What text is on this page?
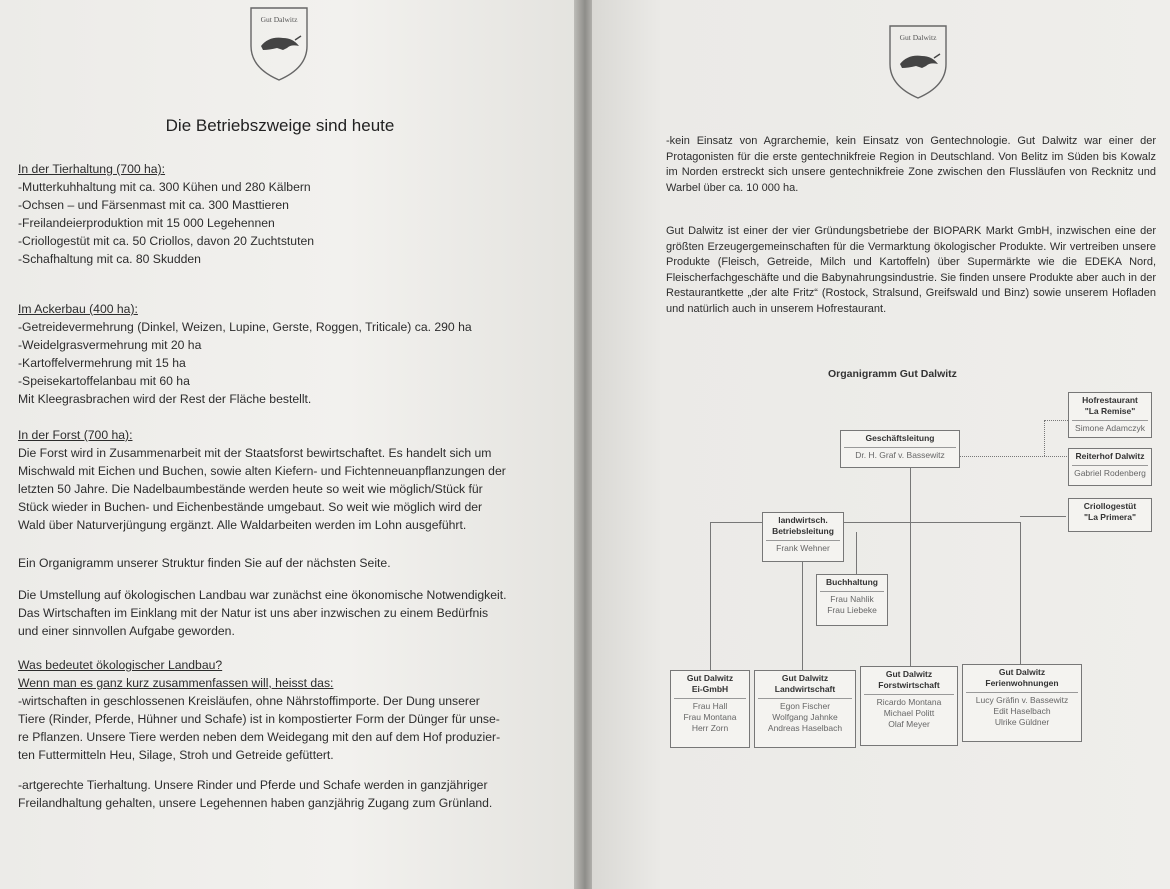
Gut Dalwitz
Die Betriebszweige sind heute

In der Tierhaltung (700 ha):

-Mutterkuhhaltung mit ca. 300 Kühen und 280 Kälbern

-Ochsen – und Färsenmast mit ca. 300 Masttieren

-Freilandeierproduktion mit 15 000 Legehennen

-Criollogestüt mit ca. 50 Criollos, davon 20 Zuchtstuten

-Schafhaltung mit ca. 80 Skudden

Im Ackerbau (400 ha):

-Getreidevermehrung (Dinkel, Weizen, Lupine, Gerste, Roggen, Triticale) ca. 290 ha

-Weidelgrasvermehrung mit 20 ha

-Kartoffelvermehrung mit 15 ha

-Speisekartoffelanbau mit 60 ha

Mit Kleegrasbrachen wird der Rest der Fläche bestellt.

In der Forst (700 ha):

Die Forst wird in Zusammenarbeit mit der Staatsforst bewirtschaftet. Es handelt sich um

Mischwald mit Eichen und Buchen, sowie alten Kiefern- und Fichtenneuanpflanzungen der

letzten 50 Jahre. Die Nadelbaumbestände werden heute so weit wie möglich/Stück für

Stück wieder in Buchen- und Eichenbestände umgebaut. So weit wie möglich wird der

Wald über Naturverjüngung ergänzt. Alle Waldarbeiten werden im Lohn ausgeführt.

Ein Organigramm unserer Struktur finden Sie auf der nächsten Seite.

Die Umstellung auf ökologischen Landbau war zunächst eine ökonomische Notwendigkeit.

Das Wirtschaften im Einklang mit der Natur ist uns aber inzwischen zu einem Bedürfnis

und einer sinnvollen Aufgabe geworden.

Was bedeutet ökologischer Landbau?

Wenn man es ganz kurz zusammenfassen will, heisst das:

-wirtschaften in geschlossenen Kreisläufen, ohne Nährstoffimporte. Der Dung unserer

Tiere (Rinder, Pferde, Hühner und Schafe) ist in kompostierter Form der Dünger für unse-

re Pflanzen. Unsere Tiere werden neben dem Weidegang mit den auf dem Hof produzier-

ten Futtermitteln Heu, Silage, Stroh und Getreide gefüttert.

-artgerechte Tierhaltung. Unsere Rinder und Pferde und Schafe werden in ganzjähriger

Freilandhaltung gehalten, unsere Legehennen haben ganzjährig Zugang zum Grünland.

Gut Dalwitz

-kein Einsatz von Agrarchemie, kein Einsatz von Gentechnologie. Gut Dalwitz war einer der Protagonisten für die erste gentechnikfreie Region in Deutschland. Von Belitz im Süden bis Kowalz im Norden erstreckt sich unsere gentechnikfreie Zone zwischen den Flussläufen von Recknitz und Warbel über ca. 10 000 ha.

Gut Dalwitz ist einer der vier Gründungsbetriebe der BIOPARK Markt GmbH, inzwischen eine der größten Erzeugergemeinschaften für die Vermarktung ökologischer Produkte. Wir vertreiben unsere Produkte (Fleisch, Getreide, Milch und Kartoffeln) über Supermärkte wie die EDEKA Nord, Fleischerfachgeschäfte und die Babynahrungsindustrie. Sie finden unsere Produkte aber auch in der Restaurantkette „der alte Fritz“ (Rostock, Stralsund, Greifswald und Binz) sowie unserem Hofladen und natürlich auch in unserem Hofrestaurant.

Organigramm Gut Dalwitz
Geschäftsleitung
Dr. H. Graf v. Bassewitz
Hofrestaurant
"La Remise"
Simone Adamczyk
Reiterhof Dalwitz
Gabriel Rodenberg
Criollogestüt
"La Primera"
landwirtsch.
Betriebsleitung
Frank Wehner
Buchhaltung
Frau Nahlik
Frau Liebeke
Gut Dalwitz
Ei-GmbH
Frau Hall
Frau Montana
Herr Zorn
Gut Dalwitz
Landwirtschaft
Egon Fischer
Wolfgang Jahnke
Andreas Haselbach
Gut Dalwitz
Forstwirtschaft
Ricardo Montana
Michael Politt
Olaf Meyer
Gut Dalwitz
Ferienwohnungen
Lucy Gräfin v. Bassewitz
Edit Haselbach
Ulrike Güldner
